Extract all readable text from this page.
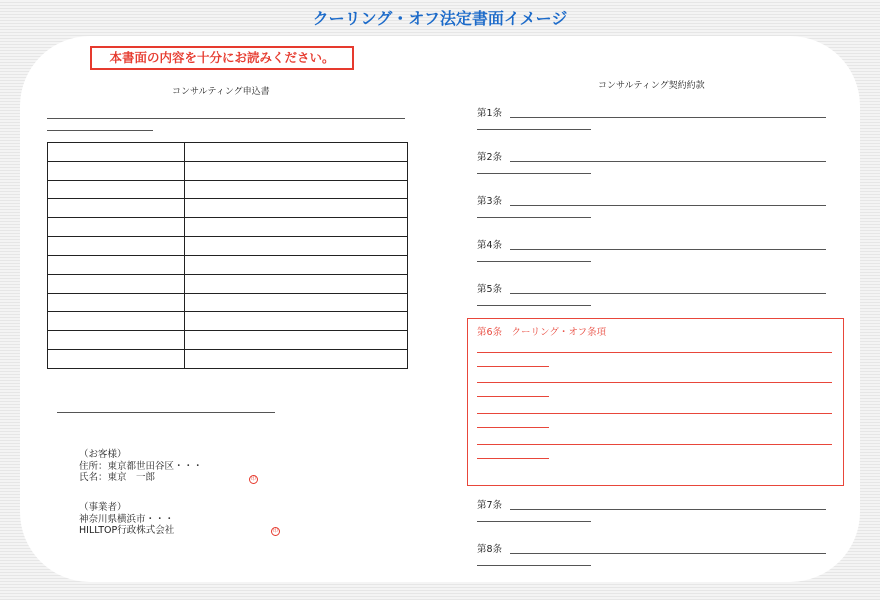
クーリング・オフ法定書面イメージ
本書面の内容を十分にお読みください。
コンサルティング申込書

（お客様）
住所：東京都世田谷区・・・
氏名：東京　一郎	印
（事業者）
神奈川県横浜市・・・
HILLTOP行政株式会社	印
コンサルティング契約約款
第1条
第2条
第3条
第4条
第5条
第6条　クーリング・オフ条項
第7条
第8条
